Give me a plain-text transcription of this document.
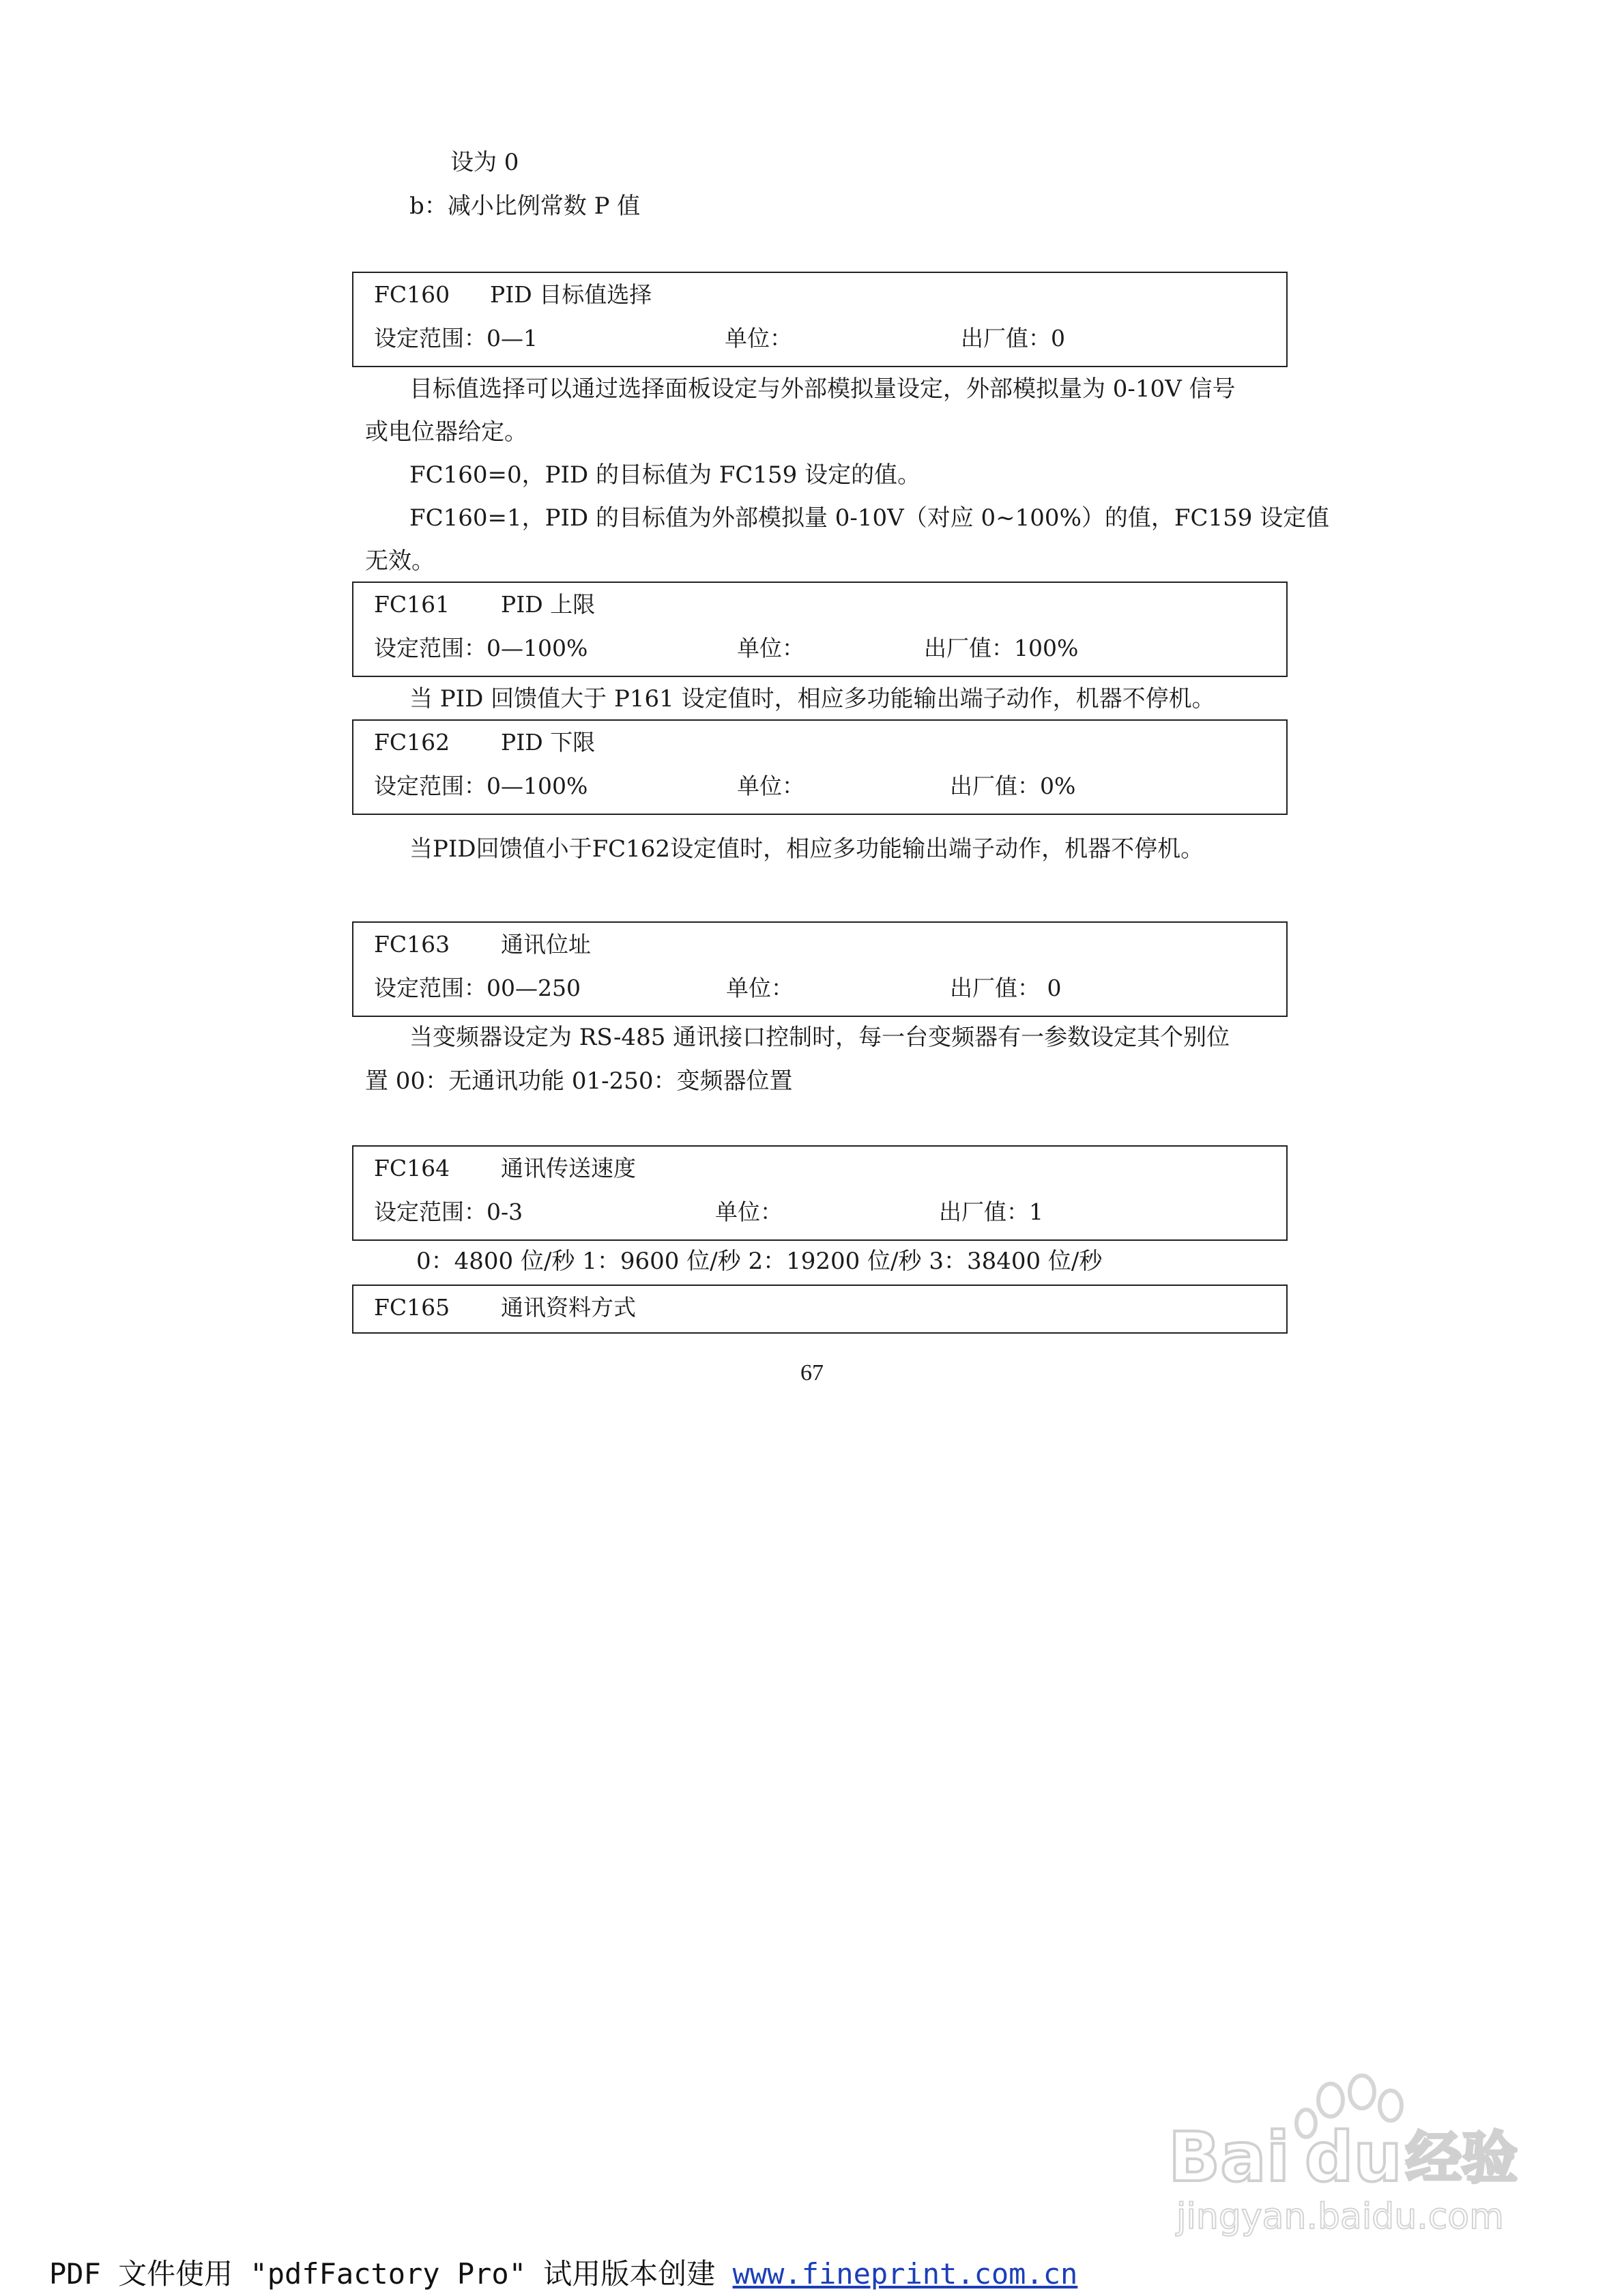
设为 0

b：减小比例常数 P 值

FC160 PID 目标值选择
设定范围：0—1	单位：	出厂值：0

目标值选择可以通过选择面板设定与外部模拟量设定，外部模拟量为 0-10V 信号

或电位器给定。

FC160=0，PID 的目标值为 FC159 设定的值。

FC160=1，PID 的目标值为外部模拟量 0-10V（对应 0~100%）的值，FC159 设定值

无效。

FC161 PID 上限
设定范围：0—100%	单位：	出厂值：100%

当 PID 回馈值大于 P161 设定值时，相应多功能输出端子动作，机器不停机。

FC162 PID 下限
设定范围：0—100%	单位：	出厂值：0%

当PID回馈值小于FC162设定值时，相应多功能输出端子动作，机器不停机。

FC163 通讯位址
设定范围：00—250	单位：	出厂值： 0

当变频器设定为 RS-485 通讯接口控制时，每一台变频器有一参数设定其个别位

置 00：无通讯功能 01-250：变频器位置

FC164 通讯传送速度
设定范围：0-3	单位：	出厂值：1

0：4800 位/秒 1：9600 位/秒 2：19200 位/秒 3：38400 位/秒

FC165 通讯资料方式
67
Bai du 经验
jingyan.baidu.com
PDF 文件使用 "pdfFactory Pro" 试用版本创建 www.fineprint.com.cn
